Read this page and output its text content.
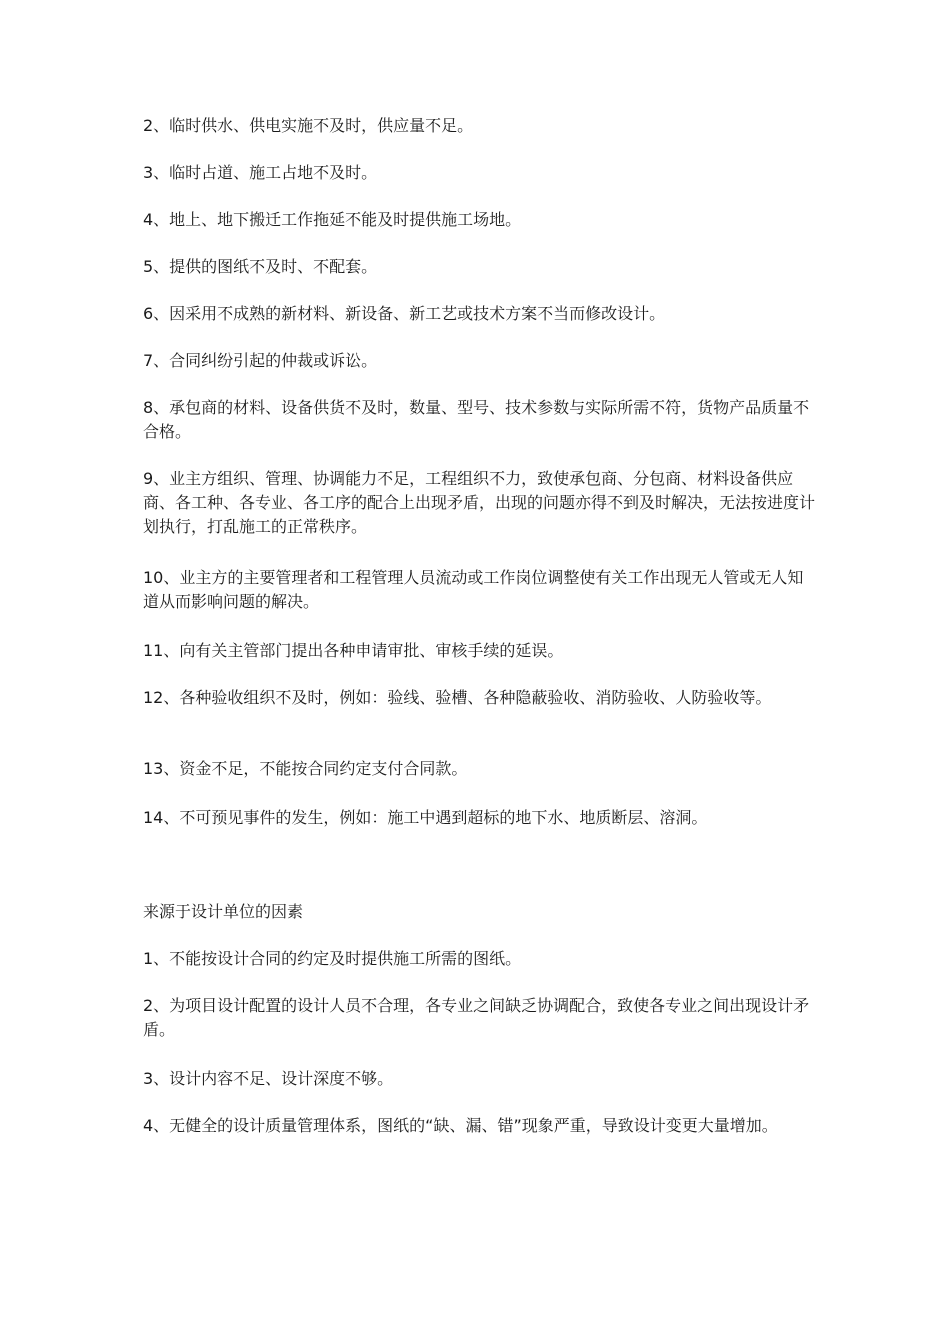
2、临时供水、供电实施不及时，供应量不足。

3、临时占道、施工占地不及时。

4、地上、地下搬迁工作拖延不能及时提供施工场地。

5、提供的图纸不及时、不配套。

6、因采用不成熟的新材料、新设备、新工艺或技术方案不当而修改设计。

7、合同纠纷引起的仲裁或诉讼。

8、承包商的材料、设备供货不及时，数量、型号、技术参数与实际所需不符，货物产品质量不合格。

9、业主方组织、管理、协调能力不足，工程组织不力，致使承包商、分包商、材料设备供应商、各工种、各专业、各工序的配合上出现矛盾，出现的问题亦得不到及时解决，无法按进度计划执行，打乱施工的正常秩序。

10、业主方的主要管理者和工程管理人员流动或工作岗位调整使有关工作出现无人管或无人知道从而影响问题的解决。

11、向有关主管部门提出各种申请审批、审核手续的延误。

12、各种验收组织不及时，例如：验线、验槽、各种隐蔽验收、消防验收、人防验收等。

13、资金不足，不能按合同约定支付合同款。

14、不可预见事件的发生，例如：施工中遇到超标的地下水、地质断层、溶洞。

来源于设计单位的因素

1、不能按设计合同的约定及时提供施工所需的图纸。

2、为项目设计配置的设计人员不合理，各专业之间缺乏协调配合，致使各专业之间出现设计矛盾。

3、设计内容不足、设计深度不够。

4、无健全的设计质量管理体系，图纸的“缺、漏、错”现象严重，导致设计变更大量增加。
